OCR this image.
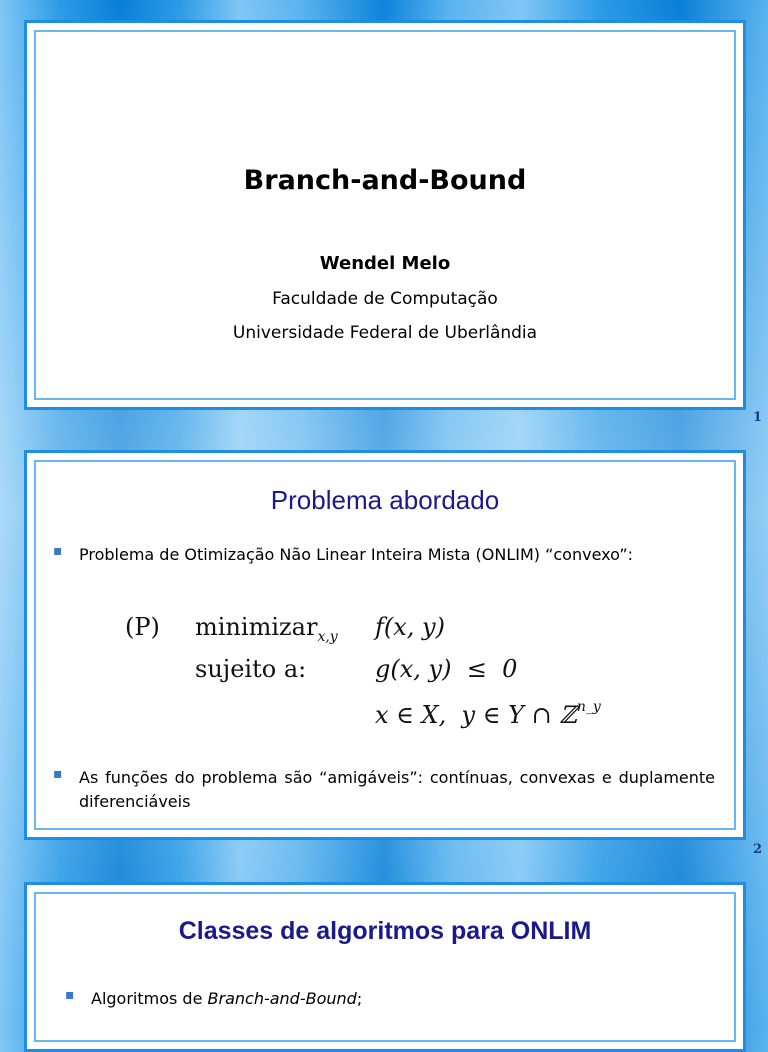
Branch-and-Bound
Wendel Melo
Faculdade de Computação
Universidade Federal de Uberlândia
1
Problema abordado
▪ Problema de Otimização Não Linear Inteira Mista (ONLIM) “convexo”:
(P) minimizar$_{x,y}$ f(x, y)
sujeito a:	g(x, y)  ≤  0
x ∈ X,  y ∈ Y ∩ ℤ$^{n\_y}$
▪ As funções do problema são “amigáveis”: contínuas, convexas e duplamente diferenciáveis
2
Classes de algoritmos para ONLIM
▪ Algoritmos de Branch-and-Bound;
